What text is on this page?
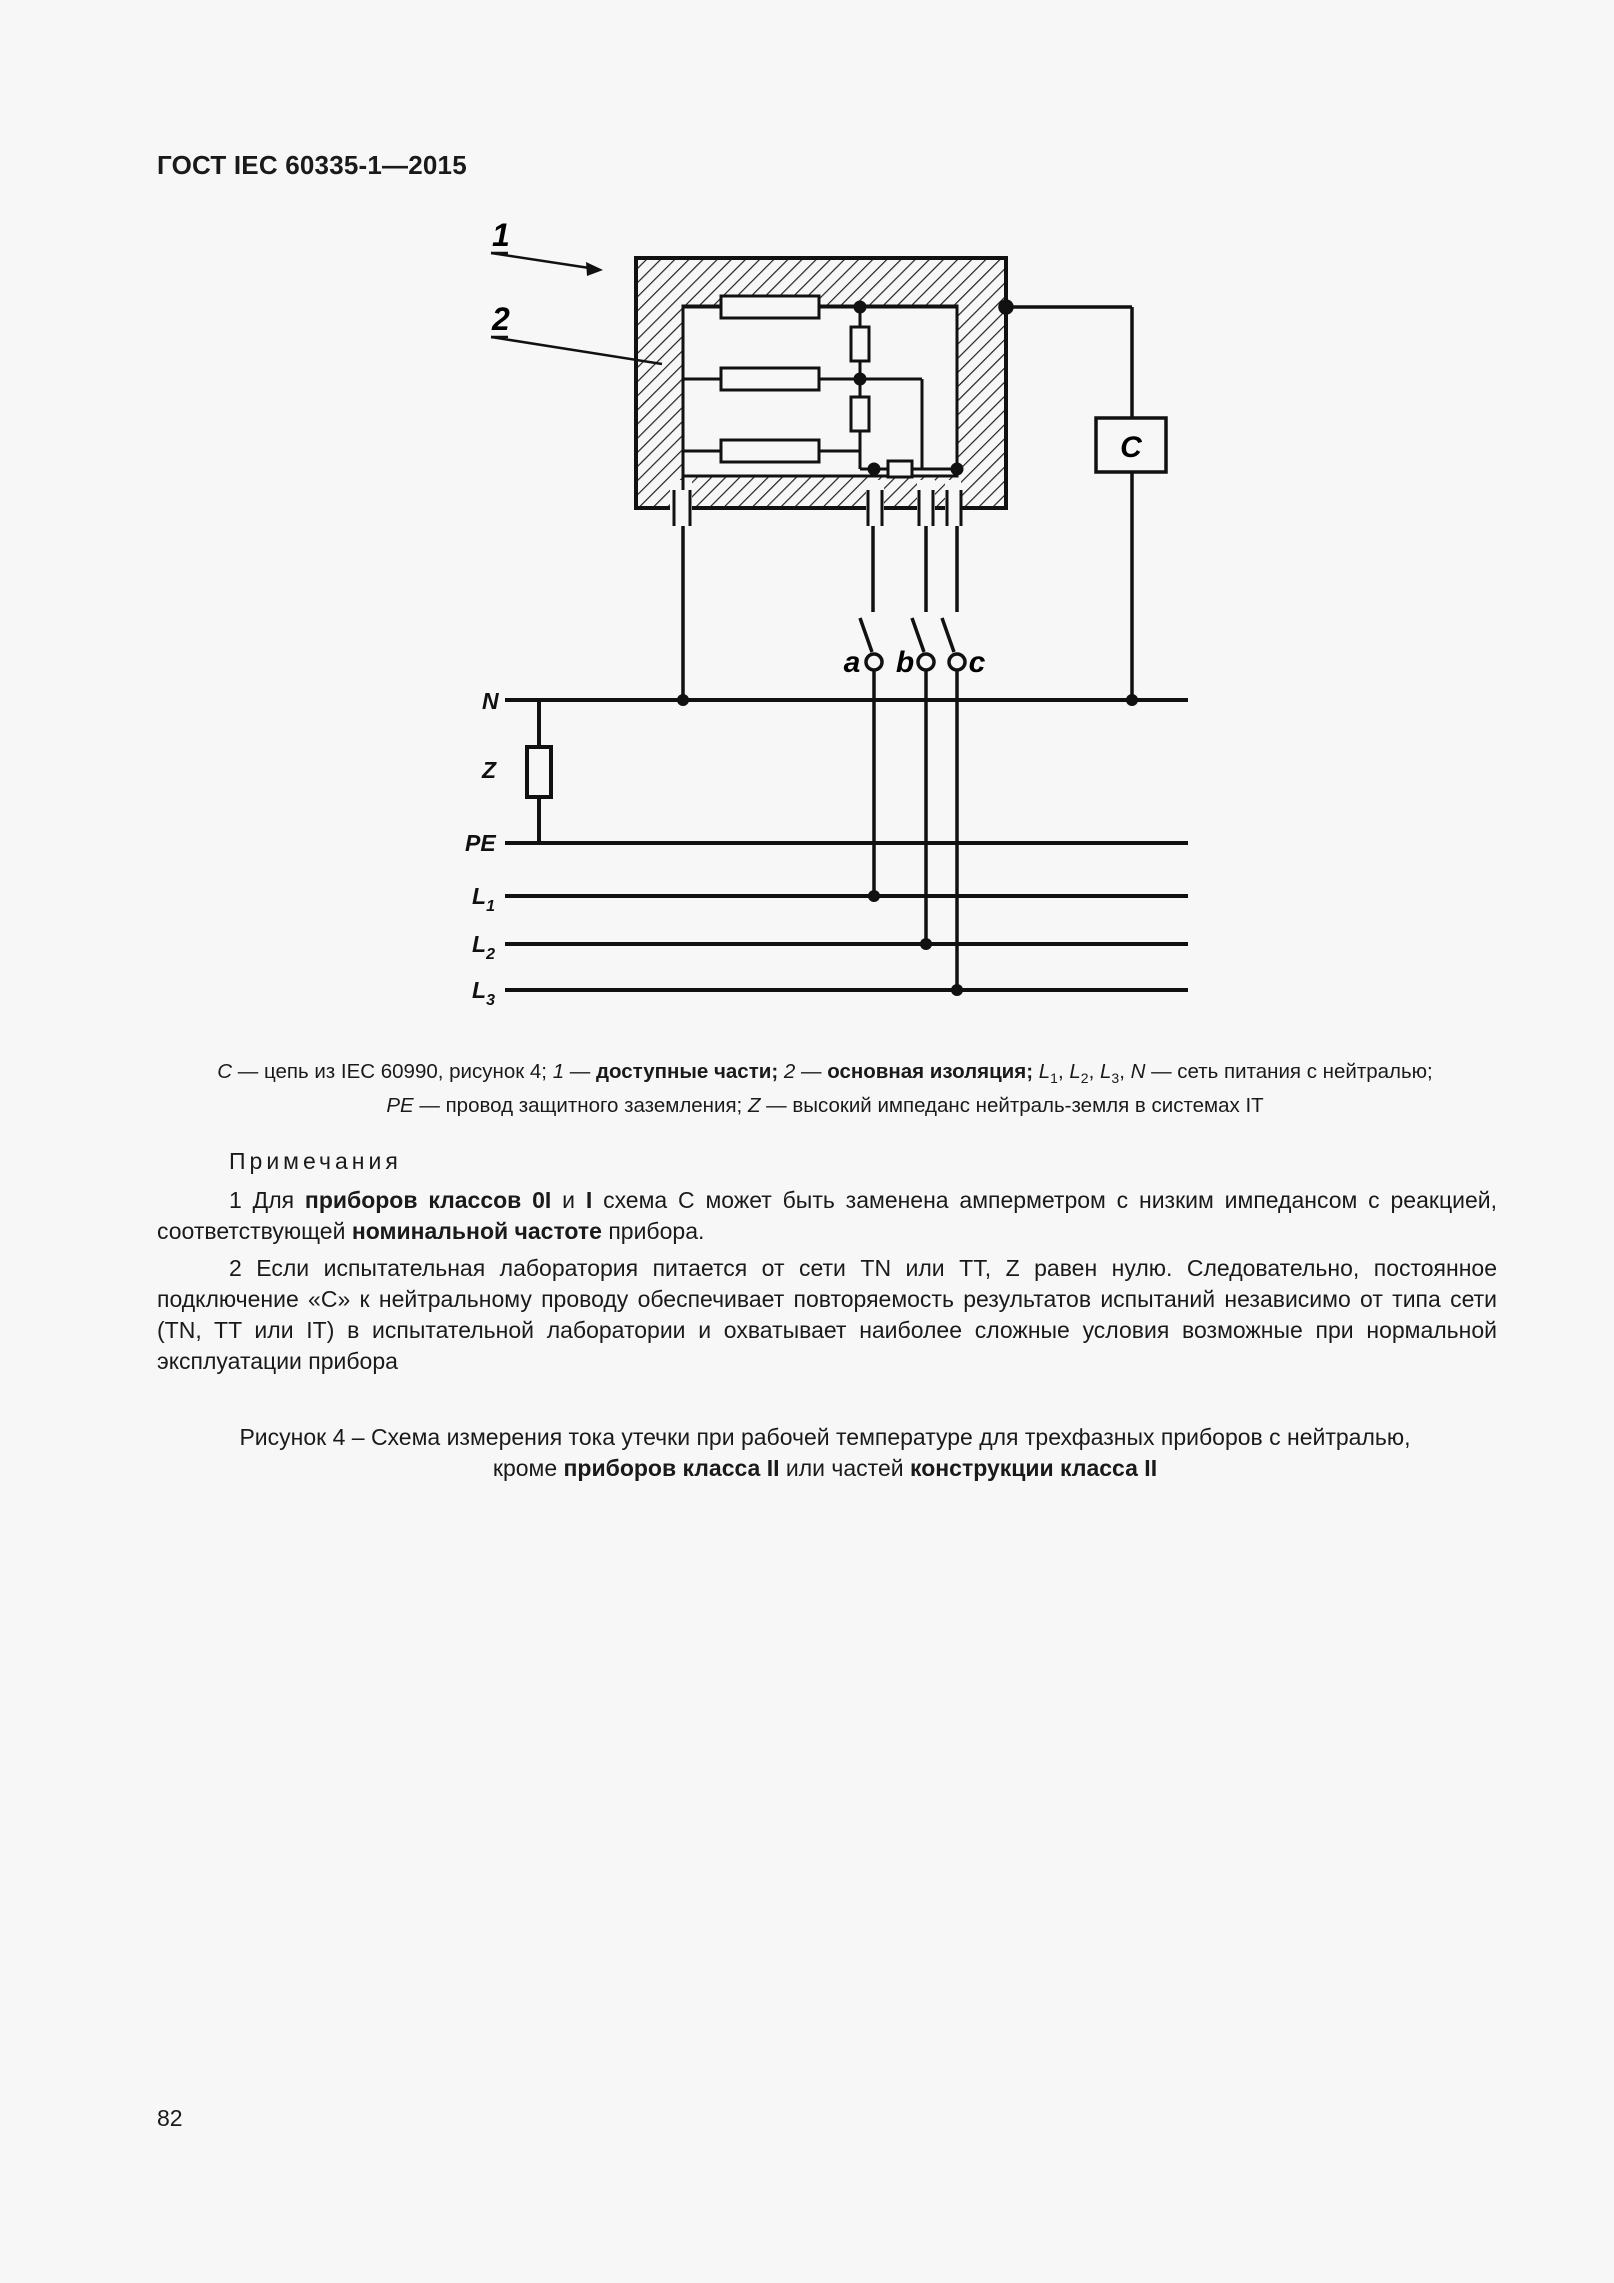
ГОСТ IEC 60335-1—2015
C
a b c
N
Z
PE
$L_1$
$L_2$
$L_3$
1
2
C — цепь из IEC 60990, рисунок 4; 1 — доступные части; 2 — основная изоляция; $L_1$, $L_2$, $L_3$, N — сеть питания с нейтралью;
PE — провод защитного заземления; Z — высокий импеданс нейтраль-земля в системах IT
Примечания
1 Для приборов классов 0I и I схема С может быть заменена амперметром с низким импедансом с реакцией, соответствующей номинальной частоте прибора.
2 Если испытательная лаборатория питается от сети TN или TT, Z равен нулю. Следовательно, постоянное подключение «С» к нейтральному проводу обеспечивает повторяемость результатов испытаний независимо от типа сети (TN, TT или IT) в испытательной лаборатории и охватывает наиболее сложные условия возможные при нормальной эксплуатации прибора
Рисунок 4 – Схема измерения тока утечки при рабочей температуре для трехфазных приборов с нейтралью,
кроме приборов класса II или частей конструкции класса II
82
